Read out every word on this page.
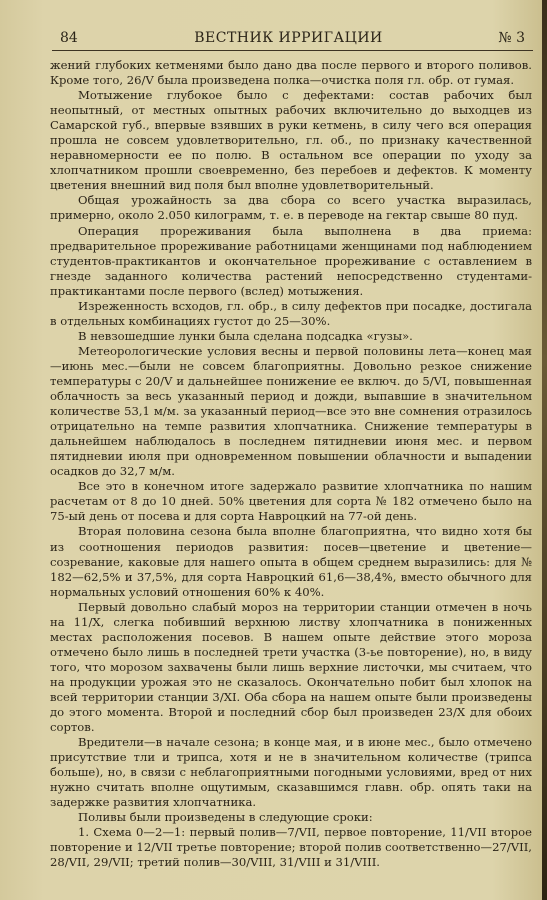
84	ВЕСТНИК ИРРИГАЦИИ	№ 3

жений глубоких кетменями было дано два после первого и второго поливов. Кроме того, 26/V была произведена полка—очистка поля гл. обр. от гумая.

Мотыжение глубокое было с дефектами: состав рабочих был неопытный, от местных опытных рабочих включительно до выходцев из Самарской губ., впервые взявших в руки кетмень, в силу чего вся операция прошла не совсем удовлетворительно, гл. об., по признаку качественной неравномерности ее по полю. В остальном все операции по уходу за хлопчатником прошли своевременно, без перебоев и дефектов. К моменту цветения внешний вид поля был вполне удовлетворительный.

Общая урожайность за два сбора со всего участка выразилась, примерно, около 2.050 килограмм, т. е. в переводе на гектар свыше 80 пуд.

Операция прореживания была выполнена в два приема: предварительное прореживание работницами женщинами под наблюдением студентов-практикантов и окончательное прореживание с оставлением в гнезде заданного количества растений непосредственно студентами-практикантами после первого (вслед) мотыжения.

Изреженность всходов, гл. обр., в силу дефектов при посадке, достигала в отдельных комбинациях густот до 25—30%.

В невзошедшие лунки была сделана подсадка «гузы».

Метеорологические условия весны и первой половины лета—конец мая—июнь мес.—были не совсем благоприятны. Довольно резкое снижение температуры с 20/V и дальнейшее понижение ее включ. до 5/VI, повышенная облачность за весь указанный период и дожди, выпавшие в значительном количестве 53,1 м/м. за указанный период—все это вне сомнения отразилось отрицательно на темпе развития хлопчатника. Снижение температуры в дальнейшем наблюдалось в последнем пятидневии июня мес. и первом пятидневии июля при одновременном повышении облачности и выпадении осадков до 32,7 м/м.

Все это в конечном итоге задержало развитие хлопчатника по нашим расчетам от 8 до 10 дней. 50% цветения для сорта № 182 отмечено было на 75-ый день от посева и для сорта Навроцкий на 77-ой день.

Вторая половина сезона была вполне благоприятна, что видно хотя бы из соотношения периодов развития: посев—цветение и цветение—созревание, каковые для нашего опыта в общем среднем выразились: для № 182—62,5% и 37,5%, для сорта Навроцкий 61,6—38,4%, вместо обычного для нормальных условий отношения 60% к 40%.

Первый довольно слабый мороз на территории станции отмечен в ночь на 11/X, слегка побивший верхнюю листву хлопчатника в пониженных местах расположения посевов. В нашем опыте действие этого мороза отмечено было лишь в последней трети участка (3-ье повторение), но, в виду того, что морозом захвачены были лишь верхние листочки, мы считаем, что на продукции урожая это не сказалось. Окончательно побит был хлопок на всей территории станции 3/XI. Оба сбора на нашем опыте были произведены до этого момента. Второй и последний сбор был произведен 23/X для обоих сортов.

Вредители—в начале сезона; в конце мая, и в июне мес., было отмечено присутствие тли и трипса, хотя и не в значительном количестве (трипса больше), но, в связи с неблагоприятными погодными условиями, вред от них нужно считать вполне ощутимым, сказавшимся главн. обр. опять таки на задержке развития хлопчатника.

Поливы были произведены в следующие сроки:

1. Схема 0—2—1: первый полив—7/VII, первое повторение, 11/VII второе повторение и 12/VII третье повторение; второй полив соответственно—27/VII, 28/VII, 29/VII; третий полив—30/VIII, 31/VIII и 31/VIII.
